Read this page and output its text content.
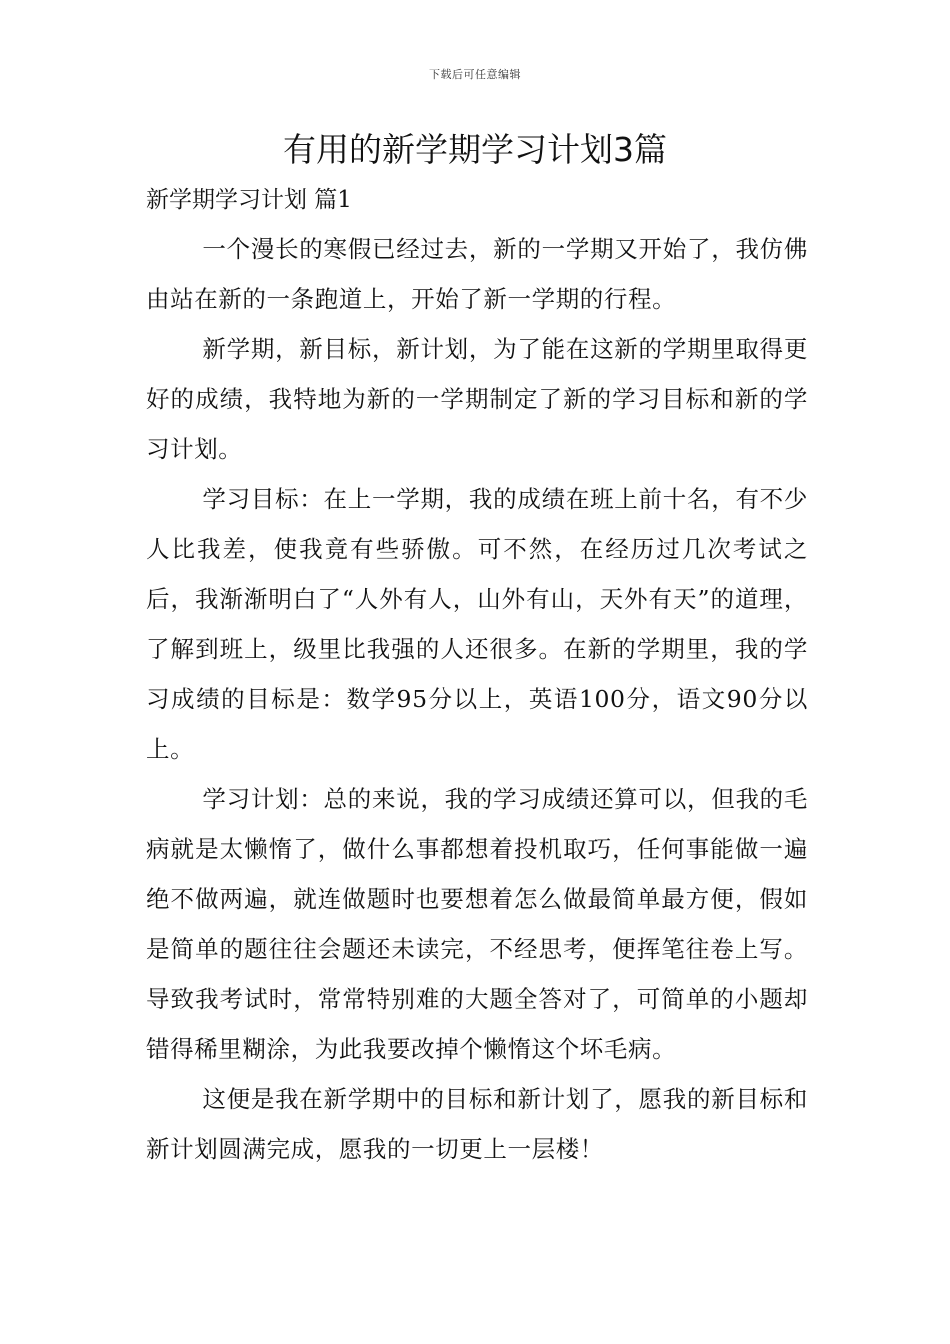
下载后可任意编辑
有用的新学期学习计划3篇
新学期学习计划 篇1

一个漫长的寒假已经过去，新的一学期又开始了，我仿佛由站在新的一条跑道上，开始了新一学期的行程。

新学期，新目标，新计划，为了能在这新的学期里取得更好的成绩，我特地为新的一学期制定了新的学习目标和新的学习计划。

学习目标：在上一学期，我的成绩在班上前十名，有不少人比我差，使我竟有些骄傲。可不然，在经历过几次考试之后，我渐渐明白了“人外有人，山外有山，天外有天”的道理，了解到班上，级里比我强的人还很多。在新的学期里，我的学习成绩的目标是：数学95分以上，英语100分，语文90分以上。

学习计划：总的来说，我的学习成绩还算可以，但我的毛病就是太懒惰了，做什么事都想着投机取巧，任何事能做一遍绝不做两遍，就连做题时也要想着怎么做最简单最方便，假如是简单的题往往会题还未读完，不经思考，便挥笔往卷上写。导致我考试时，常常特别难的大题全答对了，可简单的小题却错得稀里糊涂，为此我要改掉个懒惰这个坏毛病。

这便是我在新学期中的目标和新计划了，愿我的新目标和新计划圆满完成，愿我的一切更上一层楼！
